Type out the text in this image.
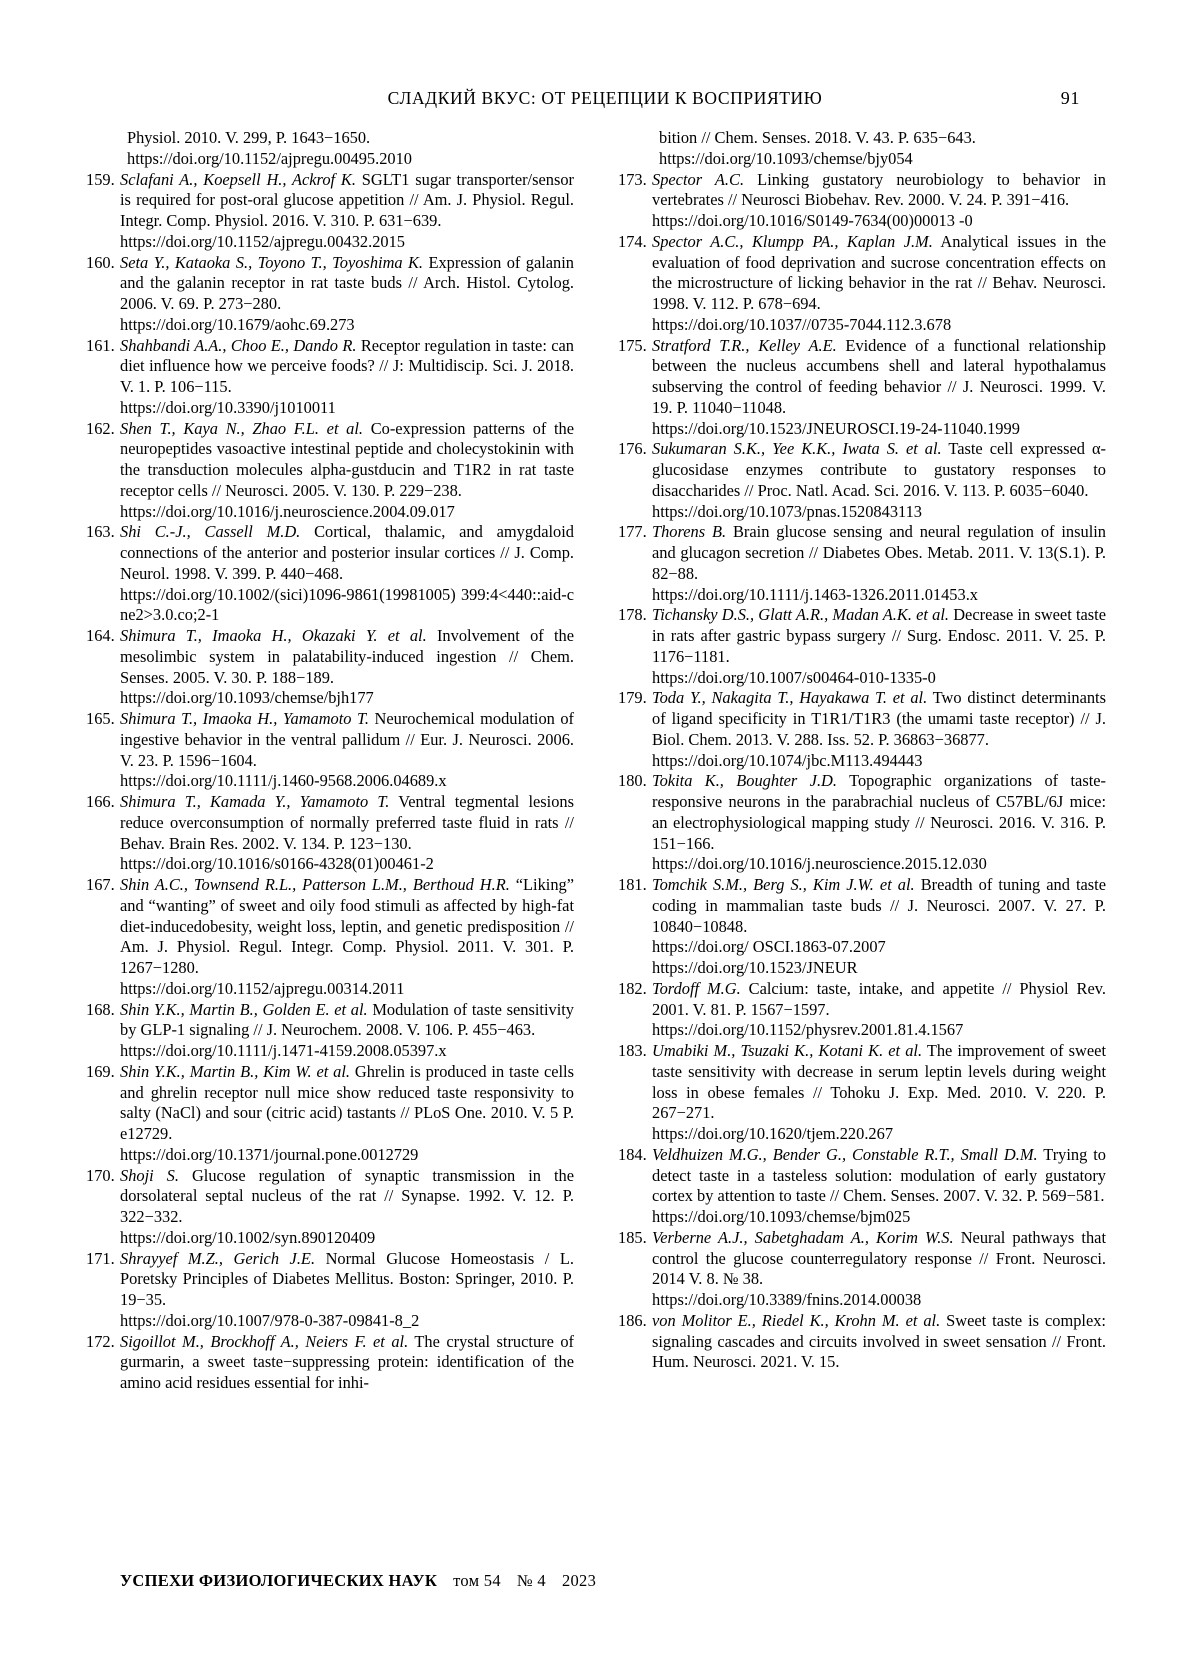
СЛАДКИЙ ВКУС: ОТ РЕЦЕПЦИИ К ВОСПРИЯТИЮ	91
Physiol. 2010. V. 299, P. 1643−1650.
https://doi.org/10.1152/ajpregu.00495.2010
159. Sclafani A., Koepsell H., Ackrof K. SGLT1 sugar transporter/sensor is required for post-oral glucose appetition // Am. J. Physiol. Regul. Integr. Comp. Physiol. 2016. V. 310. P. 631−639.
https://doi.org/10.1152/ajpregu.00432.2015
160. Seta Y., Kataoka S., Toyono T., Toyoshima K. Expression of galanin and the galanin receptor in rat taste buds // Arch. Histol. Cytolog. 2006. V. 69. P. 273−280.
https://doi.org/10.1679/aohc.69.273
161. Shahbandi A.A., Choo E., Dando R. Receptor regulation in taste: can diet influence how we perceive foods? // J: Multidiscip. Sci. J. 2018. V. 1. P. 106−115.
https://doi.org/10.3390/j1010011
162. Shen T., Kaya N., Zhao F.L. et al. Co-expression patterns of the neuropeptides vasoactive intestinal peptide and cholecystokinin with the transduction molecules alpha-gustducin and T1R2 in rat taste receptor cells // Neurosci. 2005. V. 130. P. 229−238.
https://doi.org/10.1016/j.neuroscience.2004.09.017
163. Shi C.-J., Cassell M.D. Cortical, thalamic, and amygdaloid connections of the anterior and posterior insular cortices // J. Comp. Neurol. 1998. V. 399. P. 440−468.
https://doi.org/10.1002/(sici)1096-9861(19981005) 399:4<440::aid-cne2>3.0.co;2-1
164. Shimura T., Imaoka H., Okazaki Y. et al. Involvement of the mesolimbic system in palatability-induced ingestion // Chem. Senses. 2005. V. 30. P. 188−189.
https://doi.org/10.1093/chemse/bjh177
165. Shimura T., Imaoka H., Yamamoto T. Neurochemical modulation of ingestive behavior in the ventral pallidum // Eur. J. Neurosci. 2006. V. 23. P. 1596−1604.
https://doi.org/10.1111/j.1460-9568.2006.04689.x
166. Shimura T., Kamada Y., Yamamoto T. Ventral tegmental lesions reduce overconsumption of normally preferred taste fluid in rats // Behav. Brain Res. 2002. V. 134. P. 123−130.
https://doi.org/10.1016/s0166-4328(01)00461-2
167. Shin A.C., Townsend R.L., Patterson L.M., Berthoud H.R. “Liking” and “wanting” of sweet and oily food stimuli as affected by high-fat diet-inducedobesity, weight loss, leptin, and genetic predisposition // Am. J. Physiol. Regul. Integr. Comp. Physiol. 2011. V. 301. P. 1267−1280.
https://doi.org/10.1152/ajpregu.00314.2011
168. Shin Y.K., Martin B., Golden E. et al. Modulation of taste sensitivity by GLP-1 signaling // J. Neurochem. 2008. V. 106. P. 455−463.
https://doi.org/10.1111/j.1471-4159.2008.05397.x
169. Shin Y.K., Martin B., Kim W. et al. Ghrelin is produced in taste cells and ghrelin receptor null mice show reduced taste responsivity to salty (NaCl) and sour (citric acid) tastants // PLoS One. 2010. V. 5 P. e12729.
https://doi.org/10.1371/journal.pone.0012729
170. Shoji S. Glucose regulation of synaptic transmission in the dorsolateral septal nucleus of the rat // Synapse. 1992. V. 12. P. 322−332.
https://doi.org/10.1002/syn.890120409
171. Shrayyef M.Z., Gerich J.E. Normal Glucose Homeostasis / L. Poretsky Principles of Diabetes Mellitus. Boston: Springer, 2010. P. 19−35.
https://doi.org/10.1007/978-0-387-09841-8_2
172. Sigoillot M., Brockhoff A., Neiers F. et al. The crystal structure of gurmarin, a sweet taste−suppressing protein: identification of the amino acid residues essential for inhi-
bition // Chem. Senses. 2018. V. 43. P. 635−643.
https://doi.org/10.1093/chemse/bjy054
173. Spector A.C. Linking gustatory neurobiology to behavior in vertebrates // Neurosci Biobehav. Rev. 2000. V. 24. P. 391−416.
https://doi.org/10.1016/S0149-7634(00)00013 -0
174. Spector A.C., Klumpp PA., Kaplan J.M. Analytical issues in the evaluation of food deprivation and sucrose concentration effects on the microstructure of licking behavior in the rat // Behav. Neurosci. 1998. V. 112. P. 678−694.
https://doi.org/10.1037//0735-7044.112.3.678
175. Stratford T.R., Kelley A.E. Evidence of a functional relationship between the nucleus accumbens shell and lateral hypothalamus subserving the control of feeding behavior // J. Neurosci. 1999. V. 19. P. 11040−11048.
https://doi.org/10.1523/JNEUROSCI.19-24-11040.1999
176. Sukumaran S.K., Yee K.K., Iwata S. et al. Taste cell expressed α-glucosidase enzymes contribute to gustatory responses to disaccharides // Proc. Natl. Acad. Sci. 2016. V. 113. P. 6035−6040.
https://doi.org/10.1073/pnas.1520843113
177. Thorens B. Brain glucose sensing and neural regulation of insulin and glucagon secretion // Diabetes Obes. Metab. 2011. V. 13(S.1). P. 82−88.
https://doi.org/10.1111/j.1463-1326.2011.01453.x
178. Tichansky D.S., Glatt A.R., Madan A.K. et al. Decrease in sweet taste in rats after gastric bypass surgery // Surg. Endosc. 2011. V. 25. P. 1176−1181.
https://doi.org/10.1007/s00464-010-1335-0
179. Toda Y., Nakagita T., Hayakawa T. et al. Two distinct determinants of ligand specificity in T1R1/T1R3 (the umami taste receptor) // J. Biol. Chem. 2013. V. 288. Iss. 52. P. 36863−36877.
https://doi.org/10.1074/jbc.M113.494443
180. Tokita K., Boughter J.D. Topographic organizations of taste-responsive neurons in the parabrachial nucleus of C57BL/6J mice: an electrophysiological mapping study // Neurosci. 2016. V. 316. P. 151−166.
https://doi.org/10.1016/j.neuroscience.2015.12.030
181. Tomchik S.M., Berg S., Kim J.W. et al. Breadth of tuning and taste coding in mammalian taste buds // J. Neurosci. 2007. V. 27. P. 10840−10848.
https://doi.org/ OSCI.1863-07.2007
https://doi.org/10.1523/JNEUR
182. Tordoff M.G. Calcium: taste, intake, and appetite // Physiol Rev. 2001. V. 81. P. 1567−1597.
https://doi.org/10.1152/physrev.2001.81.4.1567
183. Umabiki M., Tsuzaki K., Kotani K. et al. The improvement of sweet taste sensitivity with decrease in serum leptin levels during weight loss in obese females // Tohoku J. Exp. Med. 2010. V. 220. P. 267−271.
https://doi.org/10.1620/tjem.220.267
184. Veldhuizen M.G., Bender G., Constable R.T., Small D.M. Trying to detect taste in a tasteless solution: modulation of early gustatory cortex by attention to taste // Chem. Senses. 2007. V. 32. P. 569−581.
https://doi.org/10.1093/chemse/bjm025
185. Verberne A.J., Sabetghadam A., Korim W.S. Neural pathways that control the glucose counterregulatory response // Front. Neurosci. 2014 V. 8. № 38.
https://doi.org/10.3389/fnins.2014.00038
186. von Molitor E., Riedel K., Krohn M. et al. Sweet taste is complex: signaling cascades and circuits involved in sweet sensation // Front. Hum. Neurosci. 2021. V. 15.
УСПЕХИ ФИЗИОЛОГИЧЕСКИХ НАУК том 54 № 4 2023
